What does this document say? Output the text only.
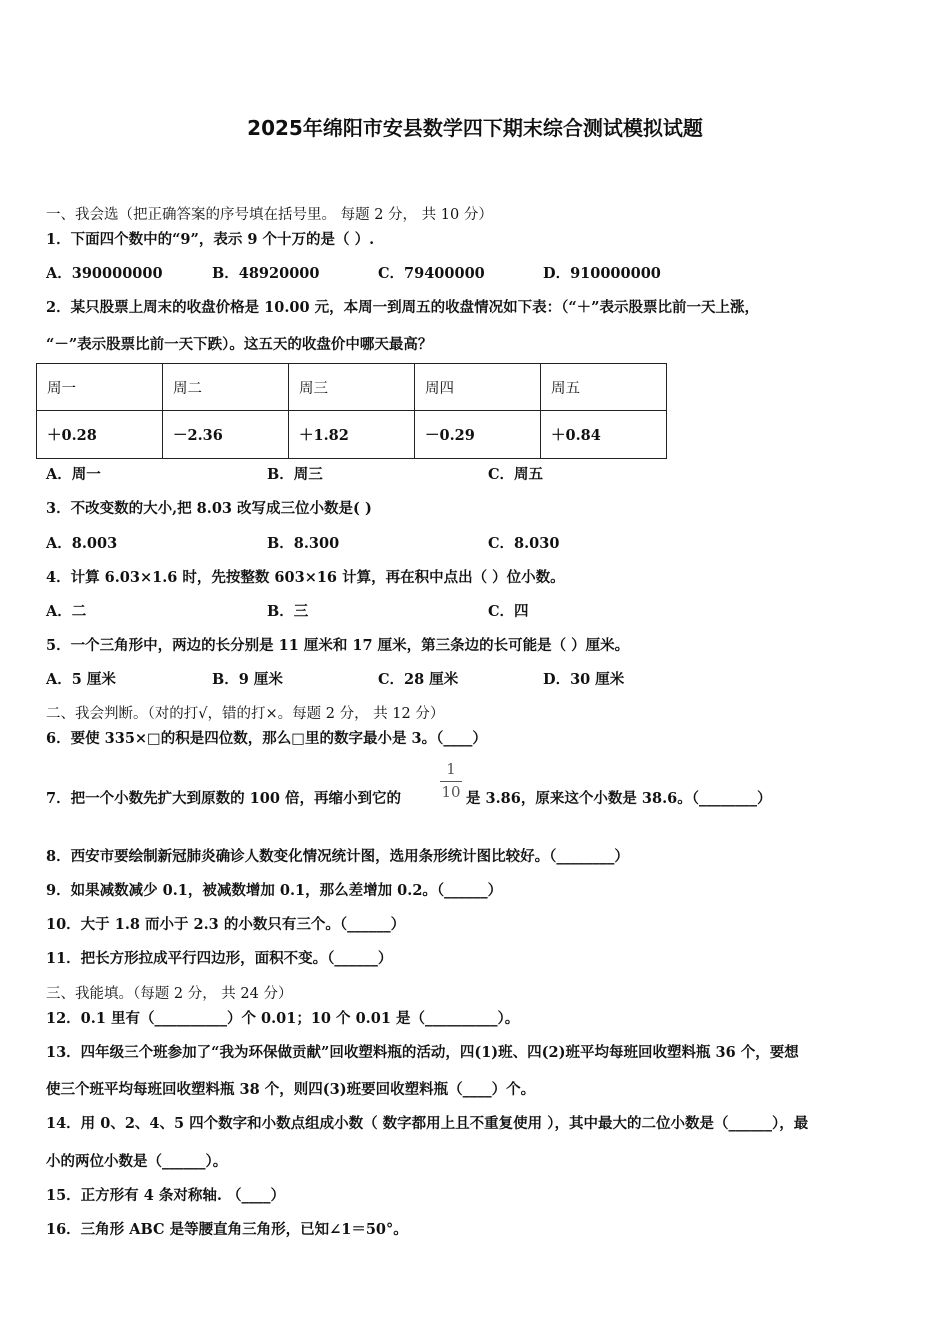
2025年绵阳市安县数学四下期末综合测试模拟试题
一、我会选（把正确答案的序号填在括号里。 每题 2 分， 共 10 分）
1．下面四个数中的“9”，表示 9 个十万的是（ ）.
A．390000000	B．48920000	C．79400000	D．910000000
2．某只股票上周末的收盘价格是 10.00 元，本周一到周五的收盘情况如下表：（“＋”表示股票比前一天上涨，
“－”表示股票比前一天下跌）。这五天的收盘价中哪天最高？
周一	周二	周三	周四	周五
＋0.28	－2.36	＋1.82	－0.29	＋0.84
A．周一	B．周三	C．周五
3．不改变数的大小,把 8.03 改写成三位小数是( )
A．8.003	B．8.300	C．8.030
4．计算 6.03×1.6 时，先按整数 603×16 计算，再在积中点出（ ）位小数。
A．二	B．三	C．四
5．一个三角形中，两边的长分别是 11 厘米和 17 厘米，第三条边的长可能是（ ）厘米。
A．5 厘米	B．9 厘米	C．28 厘米	D．30 厘米
二、我会判断。（对的打√，错的打×。每题 2 分， 共 12 分）
6．要使 335×□的积是四位数，那么□里的数字最小是 3。（____）
7．把一个小数先扩大到原数的 100 倍，再缩小到它的
1
10 是 3.86，原来这个小数是 38.6。（________）
8．西安市要绘制新冠肺炎确诊人数变化情况统计图，选用条形统计图比较好。（________）
9．如果减数减少 0.1，被减数增加 0.1，那么差增加 0.2。（______）
10．大于 1.8 而小于 2.3 的小数只有三个。（______）
11．把长方形拉成平行四边形，面积不变。（______）
三、我能填。（每题 2 分， 共 24 分）
12．0.1 里有（__________）个 0.01；10 个 0.01 是（__________）。
13．四年级三个班参加了“我为环保做贡献”回收塑料瓶的活动，四(1)班、四(2)班平均每班回收塑料瓶 36 个，要想
使三个班平均每班回收塑料瓶 38 个，则四(3)班要回收塑料瓶（____）个。
14．用 0、2、4、5 四个数字和小数点组成小数（ 数字都用上且不重复使用 ），其中最大的二位小数是（______），最
小的两位小数是（______）。
15．正方形有 4 条对称轴. （____）
16．三角形 ABC 是等腰直角三角形，已知∠1＝50°。
